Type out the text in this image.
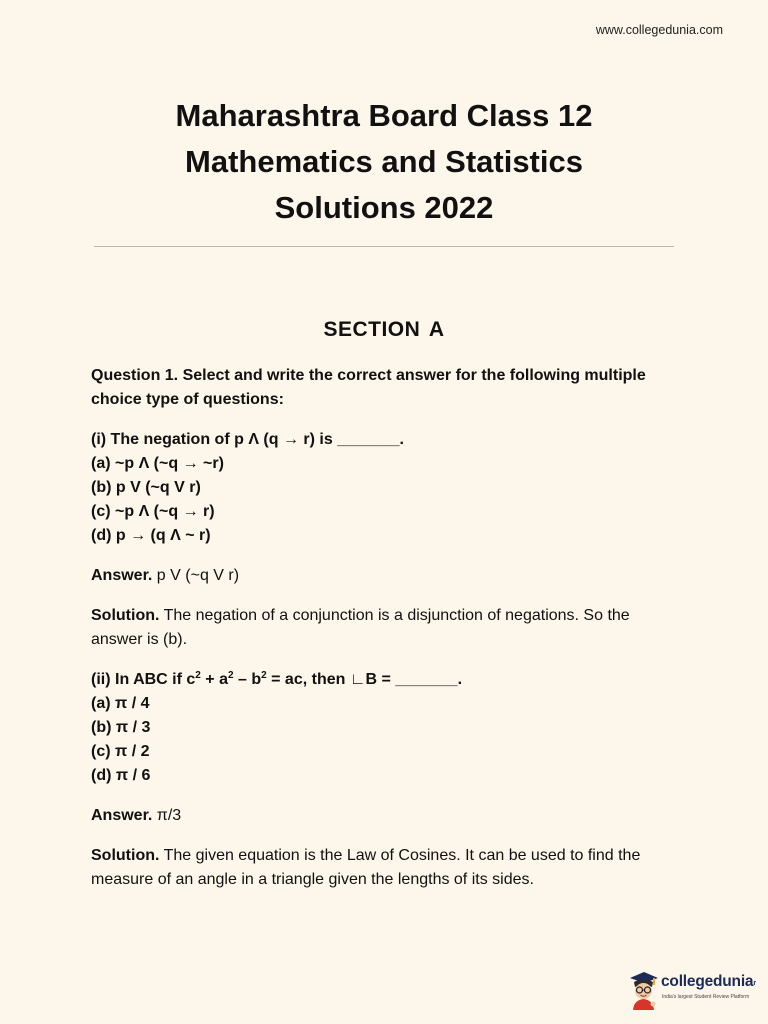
www.collegedunia.com
Maharashtra Board Class 12
Mathematics and Statistics
Solutions 2022
SECTION A

Question 1. Select and write the correct answer for the following multiple choice type of questions:

(i) The negation of p Λ (q → r) is _______.
(a) ~p Λ (~q → ~r)
(b) p V (~q V r)
(c) ~p Λ (~q → r)
(d) p → (q Λ ~ r)

Answer. p V (~q V r)

Solution. The negation of a conjunction is a disjunction of negations. So the answer is (b).

(ii) In ABC if $c^2 + a^2 - b^2$ = ac, then ∟B = _______.
(a) π / 4
(b) π / 3
(c) π / 2
(d) π / 6

Answer. π/3

Solution. The given equation is the Law of Cosines. It can be used to find the measure of an angle in a triangle given the lengths of its sides.

collegeduniar
India's largest Student Review Platform
